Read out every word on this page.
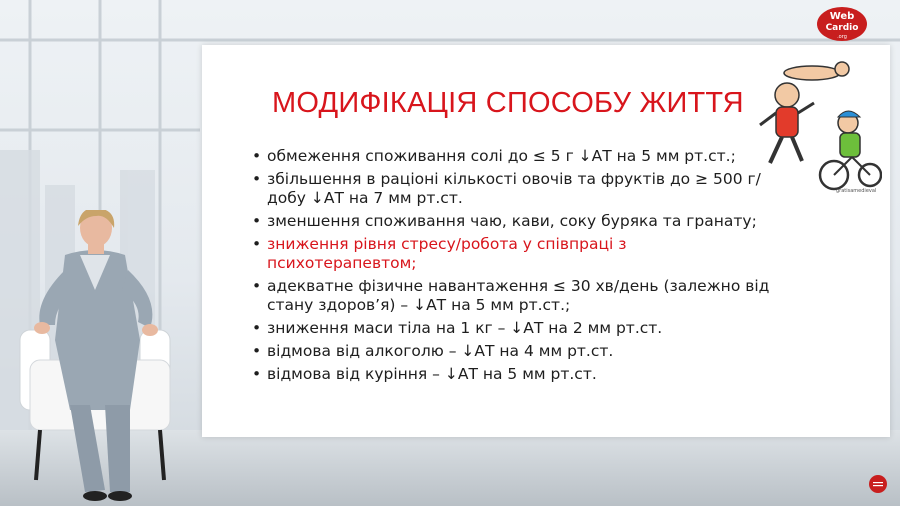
МОДИФІКАЦІЯ СПОСОБУ ЖИТТЯ
• обмеження споживання солі до ≤ 5 г ↓АТ на 5 мм рт.ст.;
• збільшення в раціоні кількості овочів та фруктів до ≥ 500 г/добу ↓АТ на 7 мм рт.ст.
• зменшення споживання чаю, кави, соку буряка та гранату;
• зниження рівня стресу/робота у співпраці з психотерапевтом;
• адекватне фізичне навантаження ≤ 30 хв/день (залежно від стану здоров’я) – ↓АТ на 5 мм рт.ст.;
• зниження маси тіла на 1 кг – ↓АТ на 2 мм рт.ст.
• відмова від алкоголю – ↓АТ на 4 мм рт.ст.
• відмова від куріння – ↓АТ на 5 мм рт.ст.
gratisamedieval
Web
Cardio
.org
